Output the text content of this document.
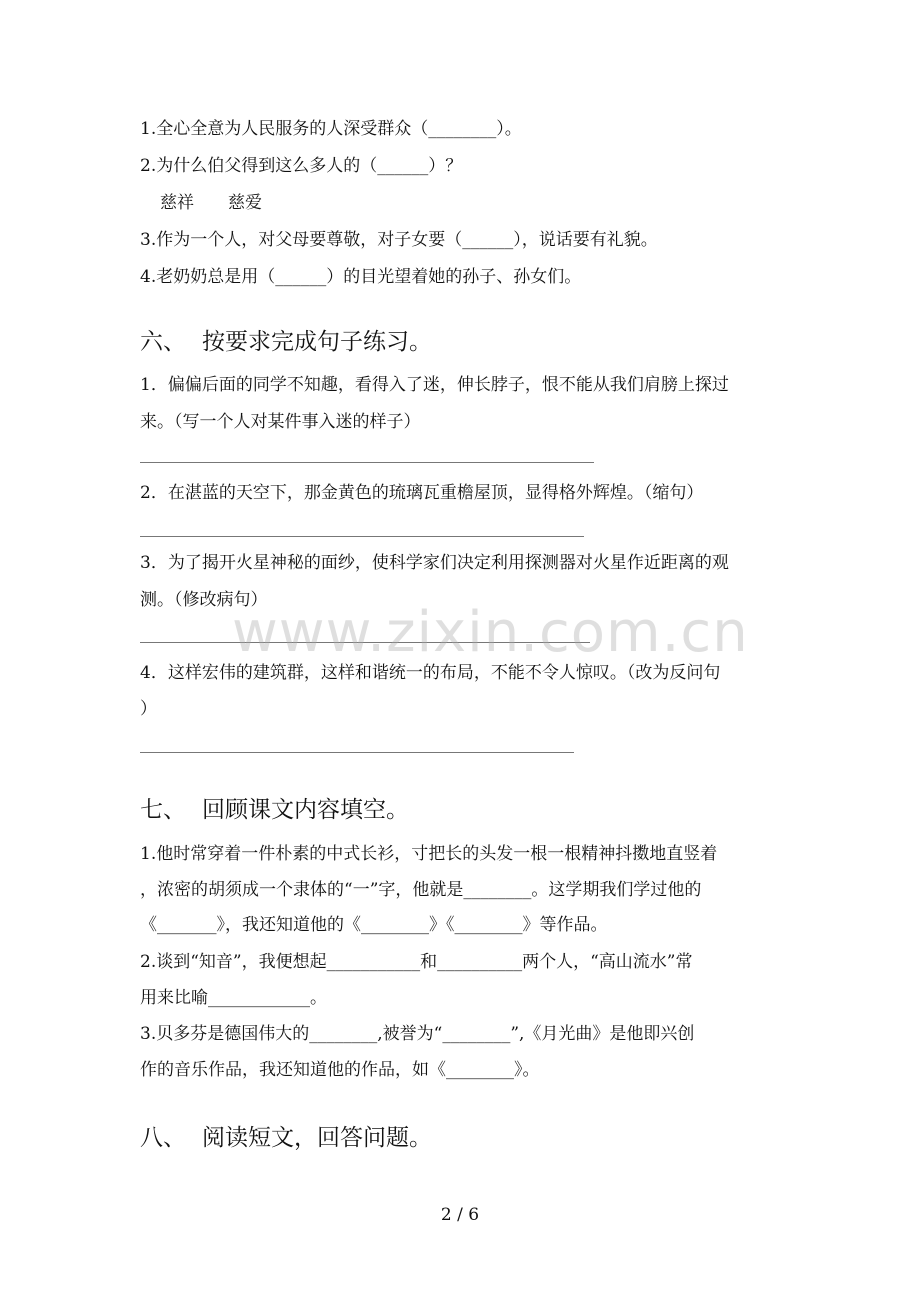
1.全心全意为人民服务的人深受群众（________）。
2.为什么伯父得到这么多人的（______）？
慈祥　　慈爱
3.作为一个人，对父母要尊敬，对子女要（______），说话要有礼貌。
4.老奶奶总是用（______）的目光望着她的孙子、孙女们。
六、 按要求完成句子练习。
1．偏偏后面的同学不知趣，看得入了迷，伸长脖子，恨不能从我们肩膀上探过
来。（写一个人对某件事入迷的样子）
2．在湛蓝的天空下，那金黄色的琉璃瓦重檐屋顶，显得格外辉煌。（缩句）
3．为了揭开火星神秘的面纱，使科学家们决定利用探测器对火星作近距离的观
测。（修改病句）
4．这样宏伟的建筑群，这样和谐统一的布局，不能不令人惊叹。（改为反问句
）
七、 回顾课文内容填空。
1.他时常穿着一件朴素的中式长衫，寸把长的头发一根一根精神抖擞地直竖着
，浓密的胡须成一个隶体的“一”字，他就是________。这学期我们学过他的
《_______》，我还知道他的《________》《________》等作品。
2.谈到“知音”，我便想起___________和__________两个人，“高山流水”常
用来比喻____________。
3.贝多芬是德国伟大的________,被誉为“________”,《月光曲》是他即兴创
作的音乐作品，我还知道他的作品，如《________》。
八、 阅读短文，回答问题。
www.zixin.com.cn
2 / 6
